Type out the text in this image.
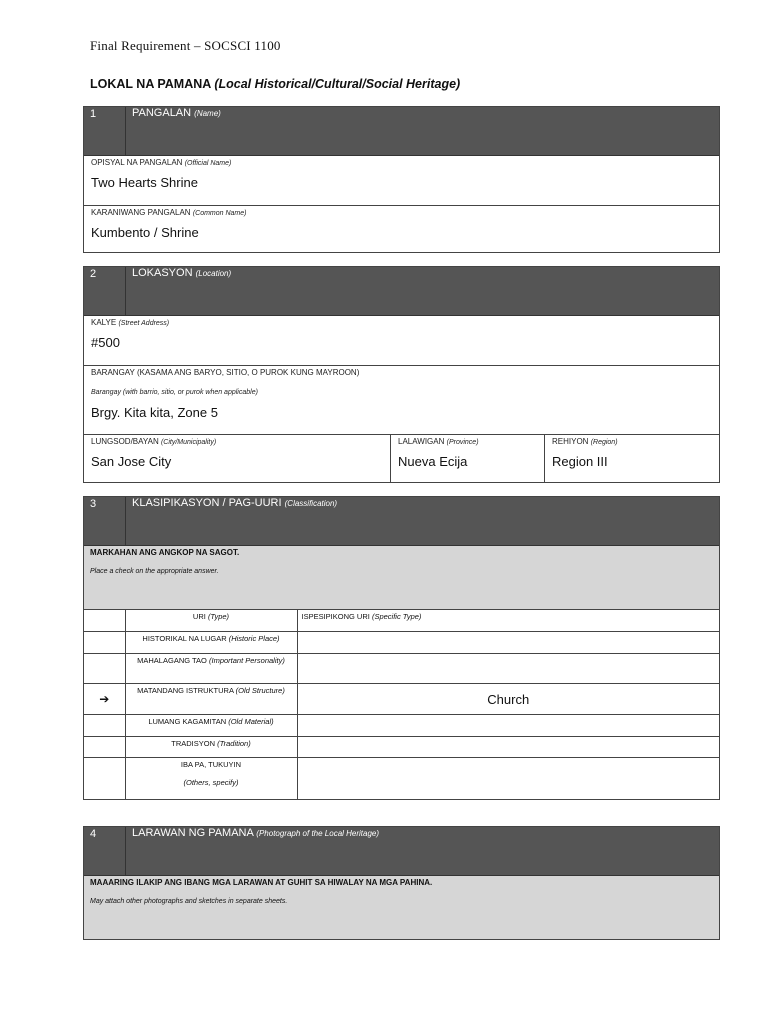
Final Requirement – SOCSCI 1100
LOKAL NA PAMANA (Local Historical/Cultural/Social Heritage)
1	PANGALAN (Name)
OPISYAL NA PANGALAN (Official Name)
Two Hearts Shrine
KARANIWANG PANGALAN (Common Name)
Kumbento / Shrine
2	LOKASYON (Location)
KALYE (Street Address)
#500
BARANGAY (KASAMA ANG BARYO, SITIO, O PUROK KUNG MAYROON)
Barangay (with barrio, sitio, or purok when applicable)
Brgy. Kita kita, Zone 5
LUNGSOD/BAYAN (City/Municipality)
San Jose City
LALAWIGAN (Province)
Nueva Ecija
REHIYON (Region)
Region III
3	KLASIPIKASYON / PAG-UURI (Classification)
MARKAHAN ANG ANGKOP NA SAGOT.
Place a check on the appropriate answer.
	URI (Type)	ISPESIPIKONG URI (Specific Type)
	HISTORIKAL NA LUGAR (Historic Place)	
	MAHALAGANG TAO (Important Personality)	
➔	MATANDANG ISTRUKTURA (Old Structure)	Church
	LUMANG KAGAMITAN (Old Material)	
	TRADISYON (Tradition)	

	IBA PA, TUKUYIN
(Others, specify)	

4	LARAWAN NG PAMANA (Photograph of the Local Heritage)
MAAARING ILAKIP ANG IBANG MGA LARAWAN AT GUHIT SA HIWALAY NA MGA PAHINA.
May attach other photographs and sketches in separate sheets.
